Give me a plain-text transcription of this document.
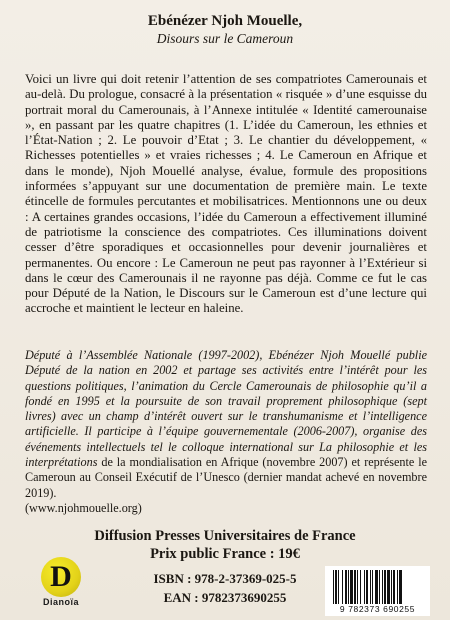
Ebénézer Njoh Mouelle,
Disours sur le Cameroun
Voici un livre qui doit retenir l’attention de ses compatriotes Camerounais et au-delà. Du prologue, consacré à la présentation « risquée » d’une esquisse du portrait moral du Camerounais, à l’Annexe intitulée « Identité camerounaise », en passant par les quatre chapitres (1. L’idée du Cameroun, les ethnies et l’État-Nation ; 2. Le pouvoir d’Etat ; 3. Le chantier du développement, « Richesses potentielles » et vraies richesses ; 4. Le Cameroun en Afrique et dans le monde), Njoh Mouellé analyse, évalue, formule des propositions informées s’appuyant sur une documentation de première main. Le texte étincelle de formules percutantes et mobilisatrices. Mentionnons une ou deux : A certaines grandes occasions, l’idée du Cameroun a effectivement illuminé de patriotisme la conscience des compatriotes. Ces illuminations doivent cesser d’être sporadiques et occasionnelles pour devenir journalières et permanentes. Ou encore : Le Cameroun ne peut pas rayonner à l’Extérieur si dans le cœur des Camerounais il ne rayonne pas déjà. Comme ce fut le cas pour Député de la Nation, le Discours sur le Cameroun est d’une lecture qui accroche et maintient le lecteur en haleine.
Député à l’Assemblée Nationale (1997-2002), Ebénézer Njoh Mouellé publie Député de la nation en 2002 et partage ses activités entre l’intérêt pour les questions politiques, l’animation du Cercle Camerounais de philosophie qu’il a fondé en 1995 et la poursuite de son travail proprement philosophique (sept livres) avec un champ d’intérêt ouvert sur le transhumanisme et l’intelligence artificielle. Il participe à l’équipe gouvernementale (2006-2007), organise des événements intellectuels tel le colloque international sur La philosophie et les interprétations de la mondialisation en Afrique (novembre 2007) et représente le Cameroun au Conseil Exécutif de l’Unesco (dernier mandat achevé en novembre 2019).
(www.njohmouelle.org)
Diffusion Presses Universitaires de France
Prix public France : 19€
ISBN : 978-2-37369-025-5
EAN : 9782373690255
D
Dianoïa
9 782373 690255
